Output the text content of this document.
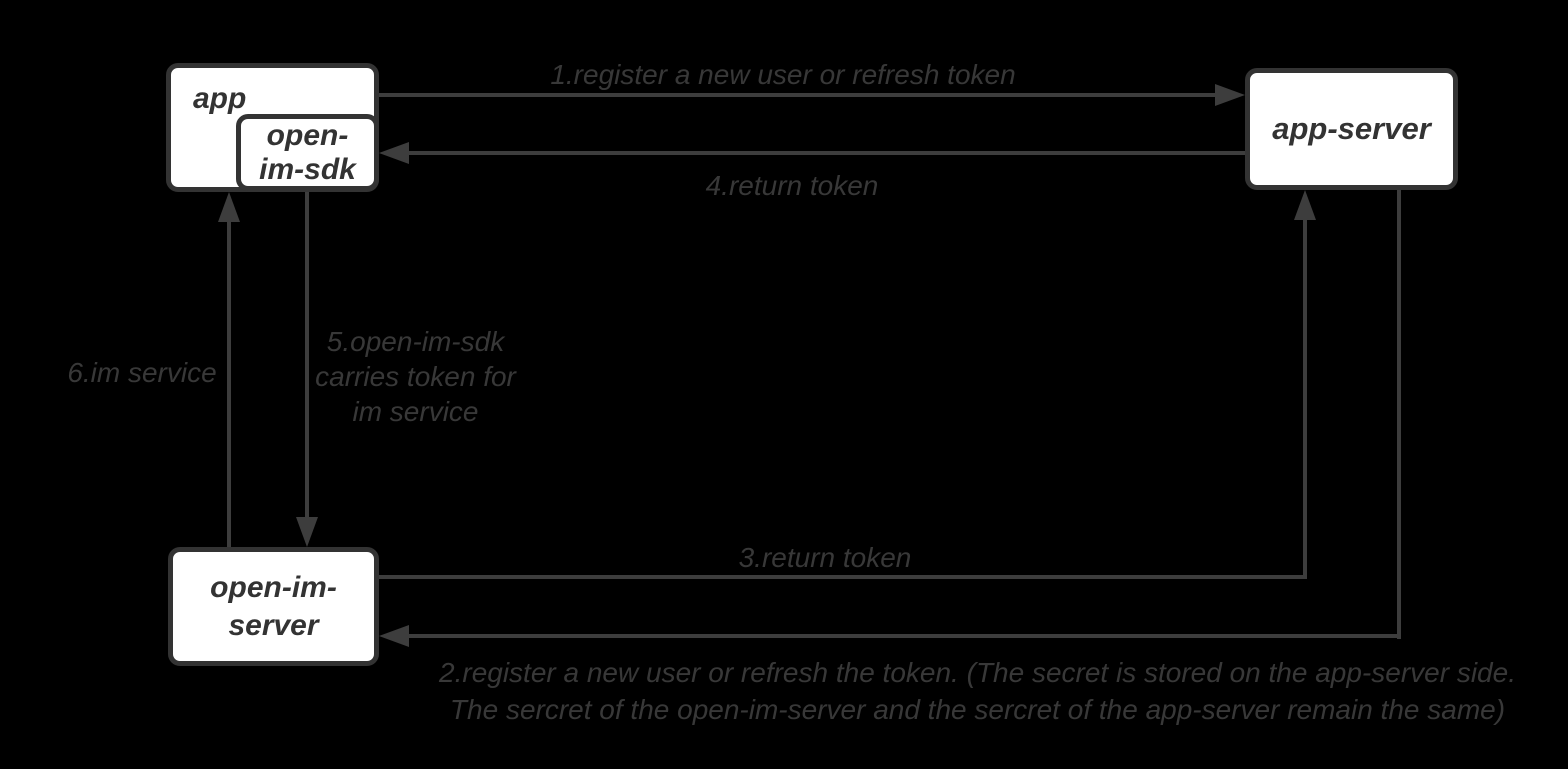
1.register a new user or refresh token
4.return token
5.open-im-sdk
carries token for
im service
6.im service
3.return token
2.register a new user or refresh the token. (The secret is stored on the app-server side.
The sercret of the open-im-server and the sercret of the app-server remain the same)
app
open-
im-sdk
app-server
open-im-
server
